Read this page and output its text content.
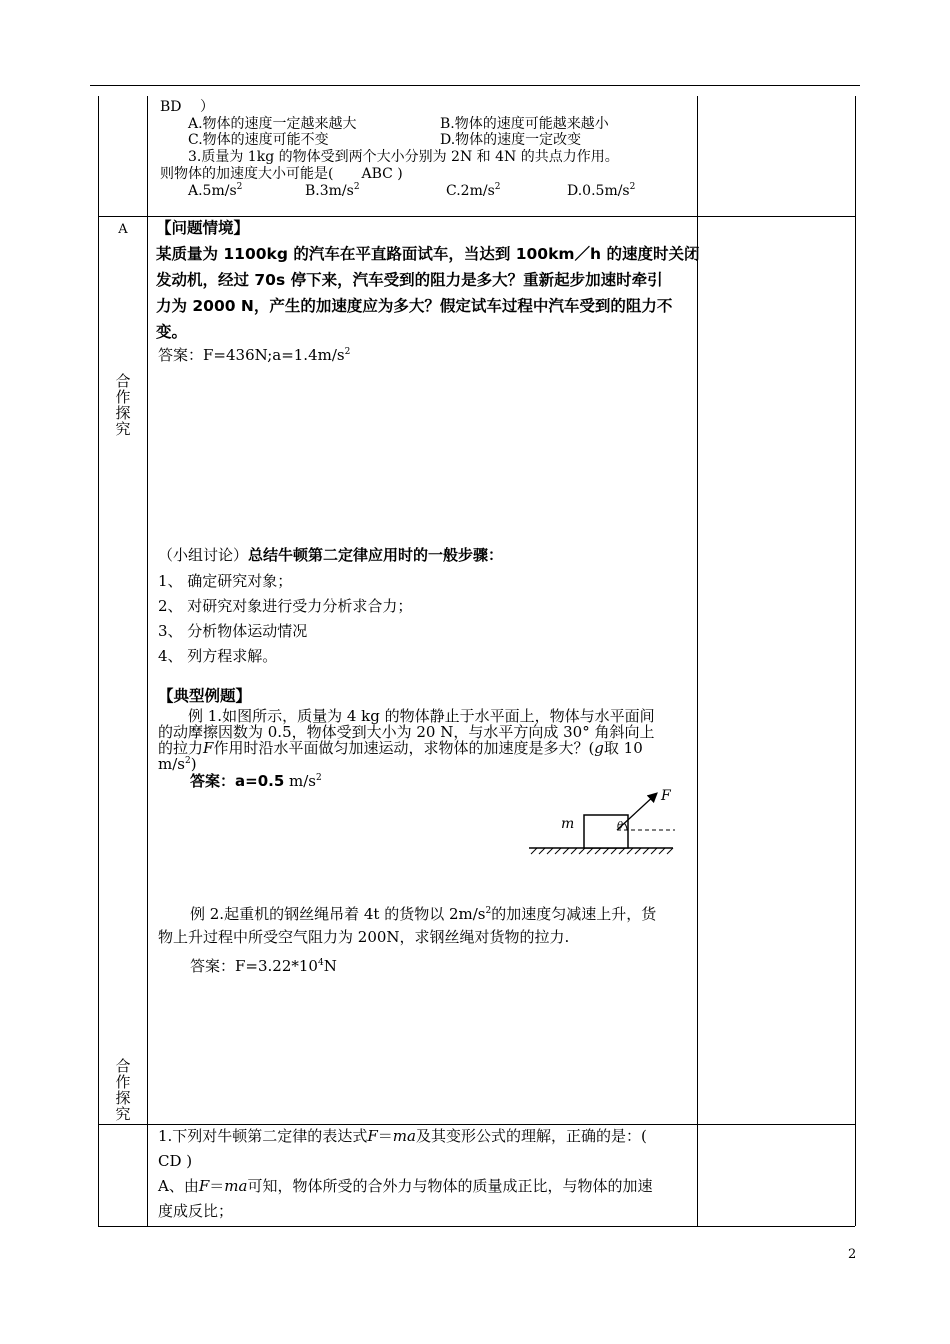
BD　 ）
A.物体的速度一定越来越大	B.物体的速度可能越来越小
C.物体的速度可能不变	D.物体的速度一定改变
3.质量为 1kg 的物体受到两个大小分别为 2N 和 4N 的共点力作用。
则物体的加速度大小可能是(　　ABC )
$A.5m/s^2$	$B.3m/s^2$	$C.2m/s^2$	$D.0.5m/s^2$
A
合
作
探
究
合
作
探
究
【问题情境】
某质量为 1100kg 的汽车在平直路面试车，当达到 100km／h 的速度时关闭
发动机，经过 70s 停下来，汽车受到的阻力是多大？重新起步加速时牵引
力为 2000 N，产生的加速度应为多大？假定试车过程中汽车受到的阻力不
变。
答案：$F=436N;a=1.4m/s^2$
（小组讨论）总结牛顿第二定律应用时的一般步骤：
1、 确定研究对象；
2、 对研究对象进行受力分析求合力；
3、 分析物体运动情况
4、 列方程求解。
【典型例题】
例 1.如图所示，质量为 4 kg 的物体静止于水平面上，物体与水平面间
的动摩擦因数为 0.5，物体受到大小为 20 N，与水平方向成 30° 角斜向上
的拉力F作用时沿水平面做匀加速运动，求物体的加速度是多大？(g取 10
$m/s^2$)
答案：a=0.5 $m/s^2$
m
F
θ
例 2.起重机的钢丝绳吊着 4t 的货物以 $2m/s^2$的加速度匀减速上升，货
物上升过程中所受空气阻力为 200N，求钢丝绳对货物的拉力.
答案：$F=3.22*10^4N$
1.下列对牛顿第二定律的表达式F＝ma及其变形公式的理解，正确的是：(
CD )
A、由F＝ma可知，物体所受的合外力与物体的质量成正比，与物体的加速
度成反比；
2
